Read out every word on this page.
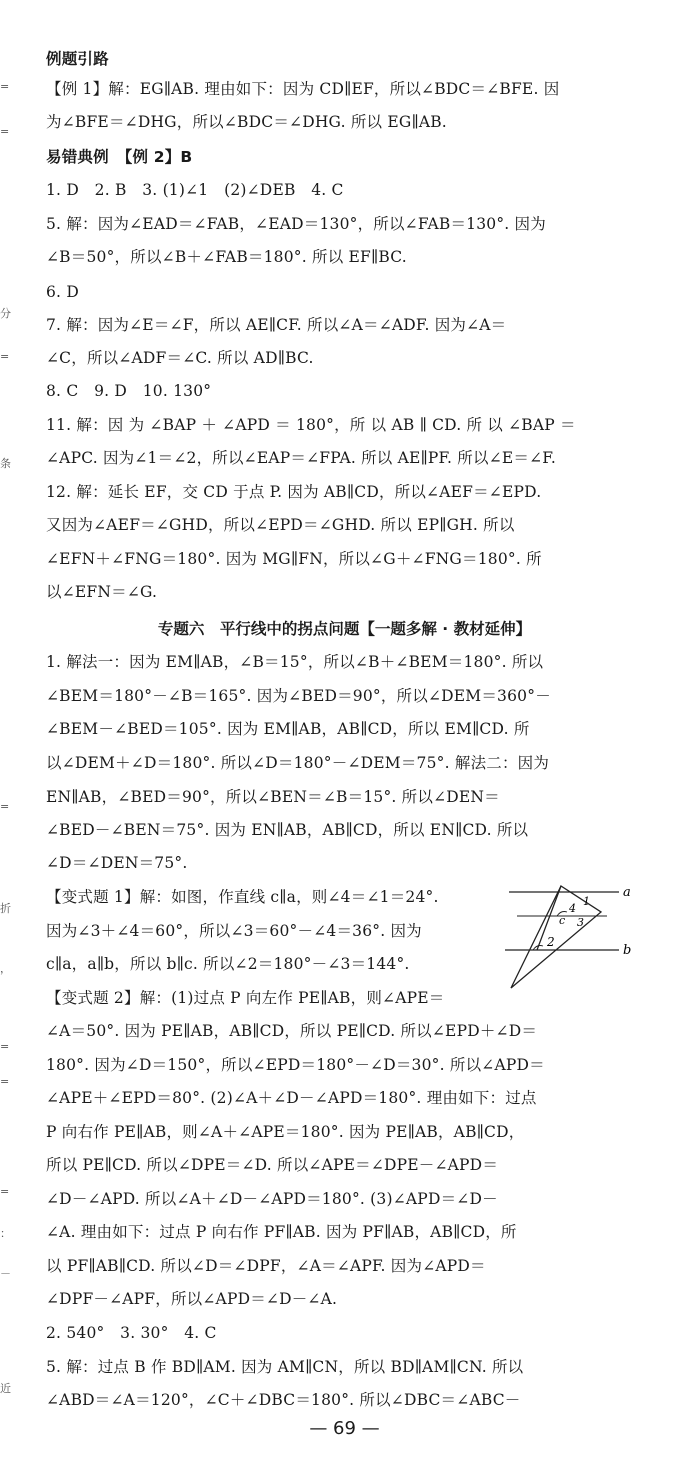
例题引路
【例 1】解：EG∥AB. 理由如下：因为 CD∥EF，所以∠BDC＝∠BFE. 因
为∠BFE＝∠DHG，所以∠BDC＝∠DHG. 所以 EG∥AB.
易错典例　【例 2】B
1. D　2. B　3. (1)∠1　(2)∠DEB　4. C
5. 解：因为∠EAD＝∠FAB，∠EAD＝130°，所以∠FAB＝130°. 因为
∠B＝50°，所以∠B＋∠FAB＝180°. 所以 EF∥BC.
6. D
7. 解：因为∠E＝∠F，所以 AE∥CF. 所以∠A＝∠ADF. 因为∠A＝
∠C，所以∠ADF＝∠C. 所以 AD∥BC.
8. C　9. D　10. 130°
11. 解：因 为 ∠BAP ＋ ∠APD ＝ 180°，所 以 AB ∥ CD. 所 以 ∠BAP ＝
∠APC. 因为∠1＝∠2，所以∠EAP＝∠FPA. 所以 AE∥PF. 所以∠E＝∠F.
12. 解：延长 EF，交 CD 于点 P. 因为 AB∥CD，所以∠AEF＝∠EPD.
又因为∠AEF＝∠GHD，所以∠EPD＝∠GHD. 所以 EP∥GH. 所以
∠EFN＋∠FNG＝180°. 因为 MG∥FN，所以∠G＋∠FNG＝180°. 所
以∠EFN＝∠G.
专题六　平行线中的拐点问题【一题多解 · 教材延伸】
1. 解法一：因为 EM∥AB，∠B＝15°，所以∠B＋∠BEM＝180°. 所以
∠BEM＝180°－∠B＝165°. 因为∠BED＝90°，所以∠DEM＝360°－
∠BEM－∠BED＝105°. 因为 EM∥AB，AB∥CD，所以 EM∥CD. 所
以∠DEM＋∠D＝180°. 所以∠D＝180°－∠DEM＝75°. 解法二：因为
EN∥AB，∠BED＝90°，所以∠BEN＝∠B＝15°. 所以∠DEN＝
∠BED－∠BEN＝75°. 因为 EN∥AB，AB∥CD，所以 EN∥CD. 所以
∠D＝∠DEN＝75°.
【变式题 1】解：如图，作直线 c∥a，则∠4＝∠1＝24°.
因为∠3＋∠4＝60°，所以∠3＝60°－∠4＝36°. 因为
c∥a，a∥b，所以 b∥c. 所以∠2＝180°－∠3＝144°.
a
b
c
1
2
3
4
【变式题 2】解：(1)过点 P 向左作 PE∥AB，则∠APE＝
∠A＝50°. 因为 PE∥AB，AB∥CD，所以 PE∥CD. 所以∠EPD＋∠D＝
180°. 因为∠D＝150°，所以∠EPD＝180°－∠D＝30°. 所以∠APD＝
∠APE＋∠EPD＝80°. (2)∠A＋∠D－∠APD＝180°. 理由如下：过点
P 向右作 PE∥AB，则∠A＋∠APE＝180°. 因为 PE∥AB，AB∥CD，
所以 PE∥CD. 所以∠DPE＝∠D. 所以∠APE＝∠DPE－∠APD＝
∠D－∠APD. 所以∠A＋∠D－∠APD＝180°. (3)∠APD＝∠D－
∠A. 理由如下：过点 P 向右作 PF∥AB. 因为 PF∥AB，AB∥CD，所
以 PF∥AB∥CD. 所以∠D＝∠DPF，∠A＝∠APF. 因为∠APD＝
∠DPF－∠APF，所以∠APD＝∠D－∠A.
2. 540°　3. 30°　4. C
5. 解：过点 B 作 BD∥AM. 因为 AM∥CN，所以 BD∥AM∥CN. 所以
∠ABD＝∠A＝120°，∠C＋∠DBC＝180°. 所以∠DBC＝∠ABC－
=
=
分
=
条
=
折
，
=
=
=
：
－
近
— 69 —
